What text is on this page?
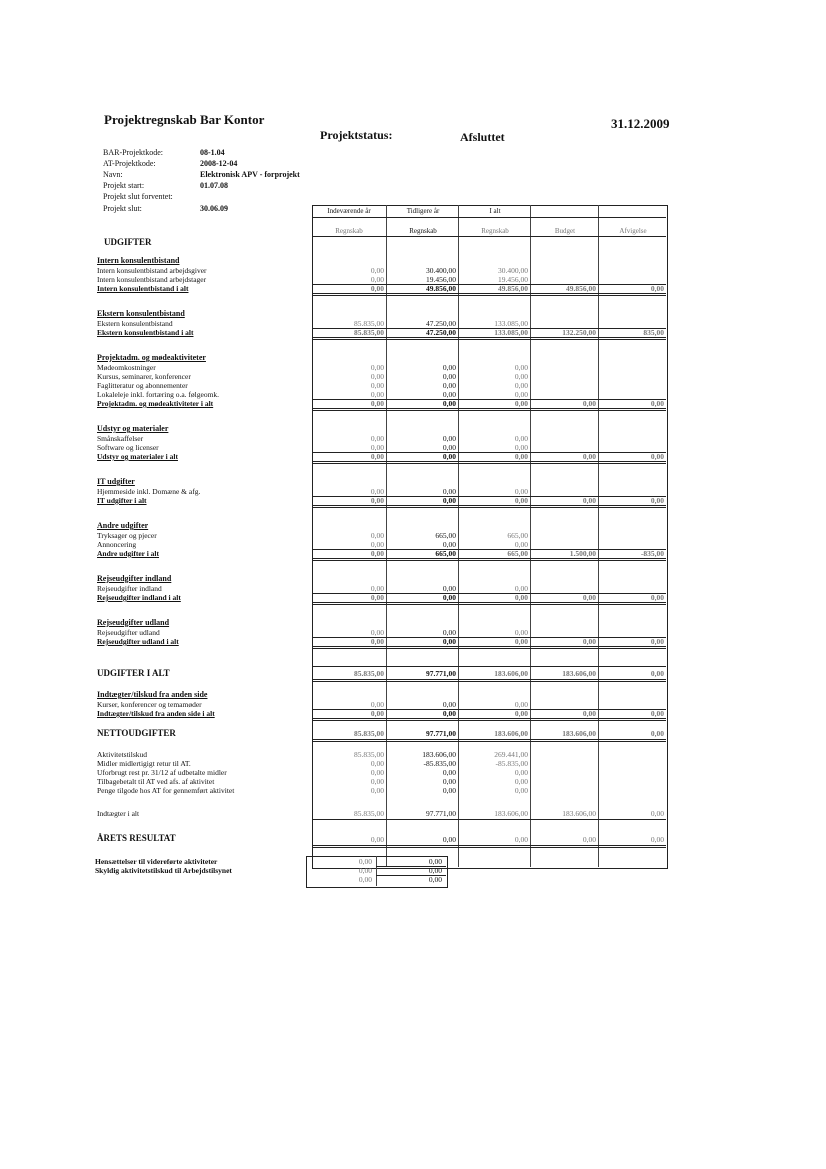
Projektregnskab Bar Kontor	31.12.2009
Projektstatus:	Afsluttet
BAR-Projektkode:	08-1.04
AT-Projektkode:	2008-12-04
Navn:	Elektronisk APV - forprojekt
Projekt start:	01.07.08
Projekt slut forventet:
Projekt slut:	30.06.09	Indeværende år	Tidligere år	I alt
Regnskab	Regnskab	Regnskab	Budget	Afvigelse
UDGIFTER
Intern konsulentbistand
Intern konsulentbistand arbejdsgiver	0,00	30.400,00	30.400,00
Intern konsulentbistand arbejdstager	0,00	19.456,00	19.456,00
Intern konsulentbistand i alt	0,00	49.856,00	49.856,00	49.856,00	0,00
Ekstern konsulentbistand
Ekstern konsulentbistand	85.835,00	47.250,00	133.085,00
Ekstern konsulentbistand i alt	85.835,00	47.250,00	133.085,00	132.250,00	835,00
Projektadm. og mødeaktiviteter
Mødeomkostninger	0,00	0,00	0,00
Kursus, seminarer, konferencer	0,00	0,00	0,00
Faglitteratur og abonnementer	0,00	0,00	0,00
Lokaleleje inkl. fortæring o.a. følgeomk.	0,00	0,00	0,00
Projektadm. og mødeaktiviteter i alt	0,00	0,00	0,00	0,00	0,00
Udstyr og materialer
Smånskaffelser	0,00	0,00	0,00
Software og licenser	0,00	0,00	0,00
Udstyr og materialer i alt	0,00	0,00	0,00	0,00	0,00
IT udgifter
Hjemmeside inkl. Domæne & afg.	0,00	0,00	0,00
IT udgifter i alt	0,00	0,00	0,00	0,00	0,00
Andre udgifter
Tryksager og pjecer	0,00	665,00	665,00
Annoncering	0,00	0,00	0,00
Andre udgifter i alt	0,00	665,00	665,00	1.500,00	-835,00
Rejseudgifter indland
Rejseudgifter indland	0,00	0,00	0,00
Rejseudgifter indland i alt	0,00	0,00	0,00	0,00	0,00
Rejseudgifter udland
Rejseudgifter udland	0,00	0,00	0,00
Rejseudgifter udland i alt	0,00	0,00	0,00	0,00	0,00
UDGIFTER I ALT	85.835,00	97.771,00	183.606,00	183.606,00	0,00
Indtægter/tilskud fra anden side
Kurser, konferencer og temamøder	0,00	0,00	0,00
Indtægter/tilskud fra anden side i alt	0,00	0,00	0,00	0,00	0,00
NETTOUDGIFTER	85.835,00	97.771,00	183.606,00	183.606,00	0,00
Aktivitetstilskud	85.835,00	183.606,00	269.441,00
Midler midlertigigt retur til AT.	0,00	-85.835,00	-85.835,00
Uforbrugt rest pr. 31/12 af udbetalte midler	0,00	0,00	0,00
Tilbagebetalt til AT ved afs. af aktivitet	0,00	0,00	0,00
Penge tilgode hos AT for gennemført aktivitet	0,00	0,00	0,00
Indtægter i alt	85.835,00	97.771,00	183.606,00	183.606,00	0,00
ÅRETS RESULTAT	0,00	0,00	0,00	0,00	0,00
Hensættelser til videreførte aktiviteter	0,00	0,00
Skyldig aktivitetstilskud til Arbejdstilsynet	0,00	0,00
0,00	0,00
